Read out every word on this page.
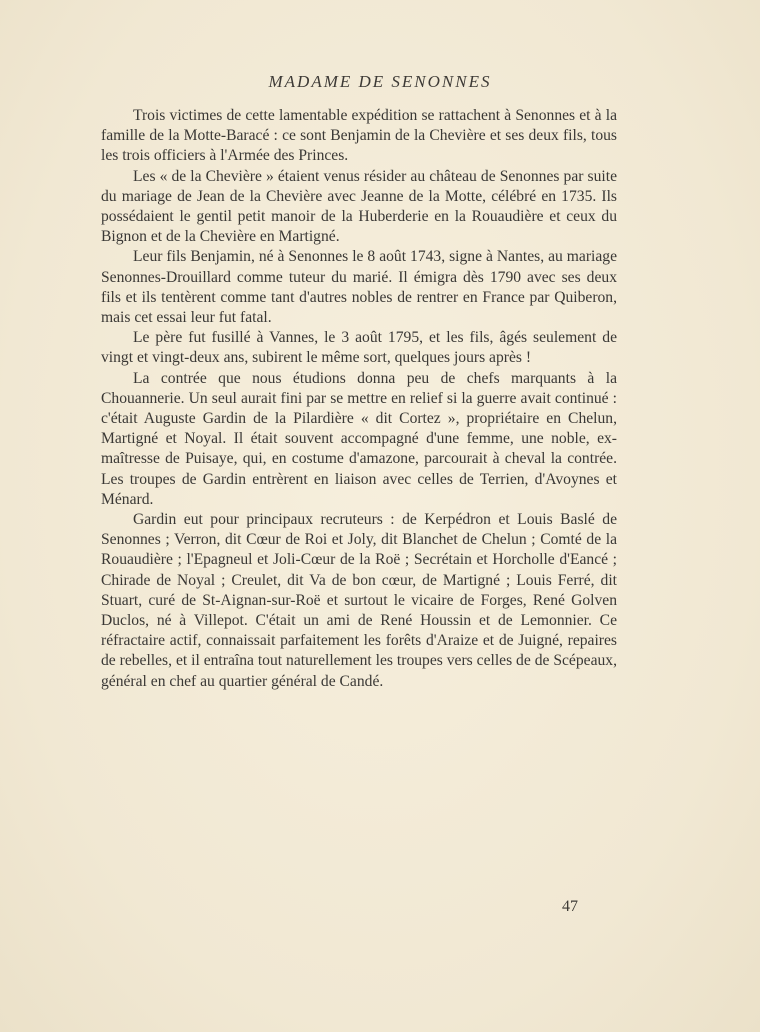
MADAME DE SENONNES

Trois victimes de cette lamentable expédition se rattachent à Senonnes et à la famille de la Motte-Baracé : ce sont Benjamin de la Chevière et ses deux fils, tous les trois officiers à l'Armée des Princes.

Les « de la Chevière » étaient venus résider au château de Senonnes par suite du mariage de Jean de la Chevière avec Jeanne de la Motte, célébré en 1735. Ils possédaient le gentil petit manoir de la Huberderie en la Rouaudière et ceux du Bignon et de la Chevière en Martigné.

Leur fils Benjamin, né à Senonnes le 8 août 1743, signe à Nantes, au mariage Senonnes-Drouillard comme tuteur du marié. Il émigra dès 1790 avec ses deux fils et ils tentèrent comme tant d'autres nobles de rentrer en France par Quiberon, mais cet essai leur fut fatal.

Le père fut fusillé à Vannes, le 3 août 1795, et les fils, âgés seulement de vingt et vingt-deux ans, subirent le même sort, quelques jours après !

La contrée que nous étudions donna peu de chefs marquants à la Chouannerie. Un seul aurait fini par se mettre en relief si la guerre avait continué : c'était Auguste Gardin de la Pilardière « dit Cortez », propriétaire en Chelun, Martigné et Noyal. Il était souvent accompagné d'une femme, une noble, ex-maîtresse de Puisaye, qui, en costume d'amazone, parcourait à cheval la contrée. Les troupes de Gardin entrèrent en liaison avec celles de Terrien, d'Avoynes et Ménard.

Gardin eut pour principaux recruteurs : de Kerpédron et Louis Baslé de Senonnes ; Verron, dit Cœur de Roi et Joly, dit Blanchet de Chelun ; Comté de la Rouaudière ; l'Epagneul et Joli-Cœur de la Roë ; Secrétain et Horcholle d'Eancé ; Chirade de Noyal ; Creulet, dit Va de bon cœur, de Martigné ; Louis Ferré, dit Stuart, curé de St-Aignan-sur-Roë et surtout le vicaire de Forges, René Golven Duclos, né à Villepot. C'était un ami de René Houssin et de Lemonnier. Ce réfractaire actif, connaissait parfaitement les forêts d'Araize et de Juigné, repaires de rebelles, et il entraîna tout naturellement les troupes vers celles de de Scépeaux, général en chef au quartier général de Candé.

47
